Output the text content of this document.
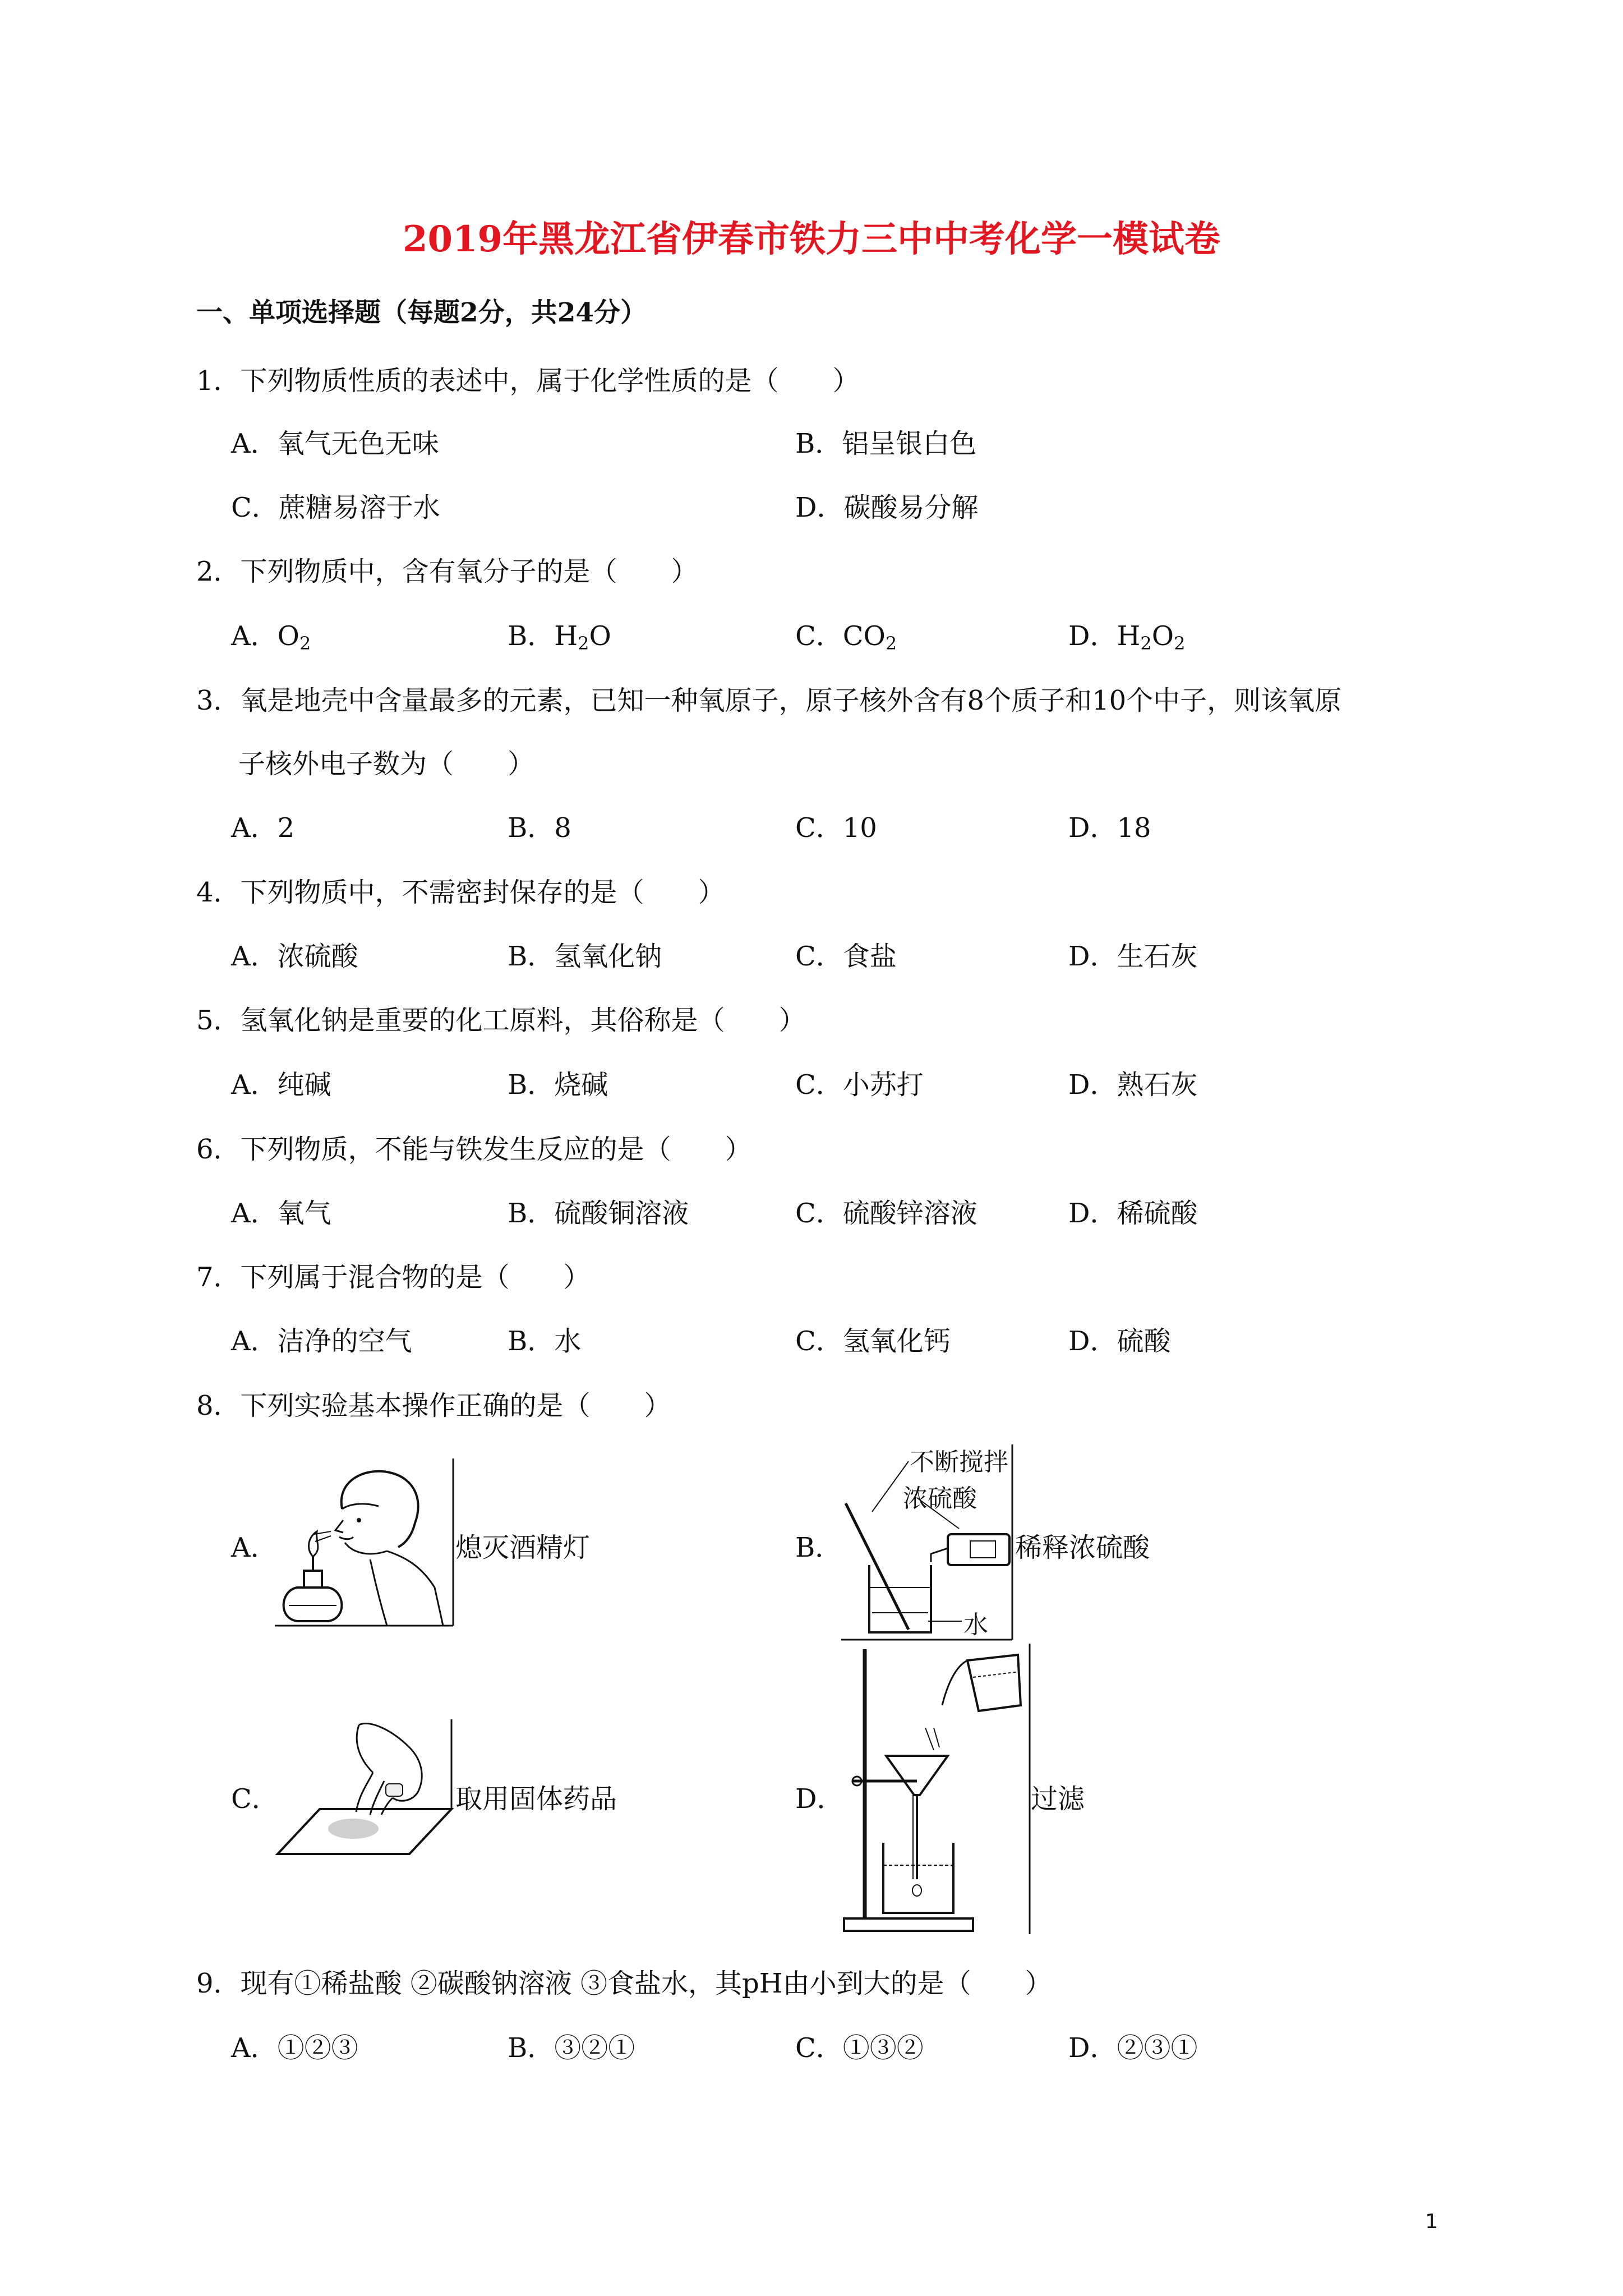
2019年黑龙江省伊春市铁力三中中考化学一模试卷
一、单项选择题（每题2分，共24分）
1．下列物质性质的表述中，属于化学性质的是（　　）
A．氧气无色无味	B．铝呈银白色
C．蔗糖易溶于水	D．碳酸易分解
2．下列物质中，含有氧分子的是（　　）
A．$O_2$	B．$H_2O$	C．$CO_2$	D．$H_2O_2$
3．氧是地壳中含量最多的元素，已知一种氧原子，原子核外含有8个质子和10个中子，则该氧原
子核外电子数为（　　）
A．2	B．8	C．10	D．18
4．下列物质中，不需密封保存的是（　　）
A．浓硫酸	B．氢氧化钠	C．食盐	D．生石灰
5．氢氧化钠是重要的化工原料，其俗称是（　　）
A．纯碱	B．烧碱	C．小苏打	D．熟石灰
6．下列物质，不能与铁发生反应的是（　　）
A．氧气	B．硫酸铜溶液	C．硫酸锌溶液	D．稀硫酸
7．下列属于混合物的是（　　）
A．洁净的空气	B．水	C．氢氧化钙	D．硫酸
8．下列实验基本操作正确的是（　　）
A．	熄灭酒精灯	B．
不断搅拌
浓硫酸
水
稀释浓硫酸
C．	取用固体药品	D．	过滤
9．现有①稀盐酸 ②碳酸钠溶液 ③食盐水，其pH由小到大的是（　　）
A．①②③	B．③②①	C．①③②	D．②③①
1
